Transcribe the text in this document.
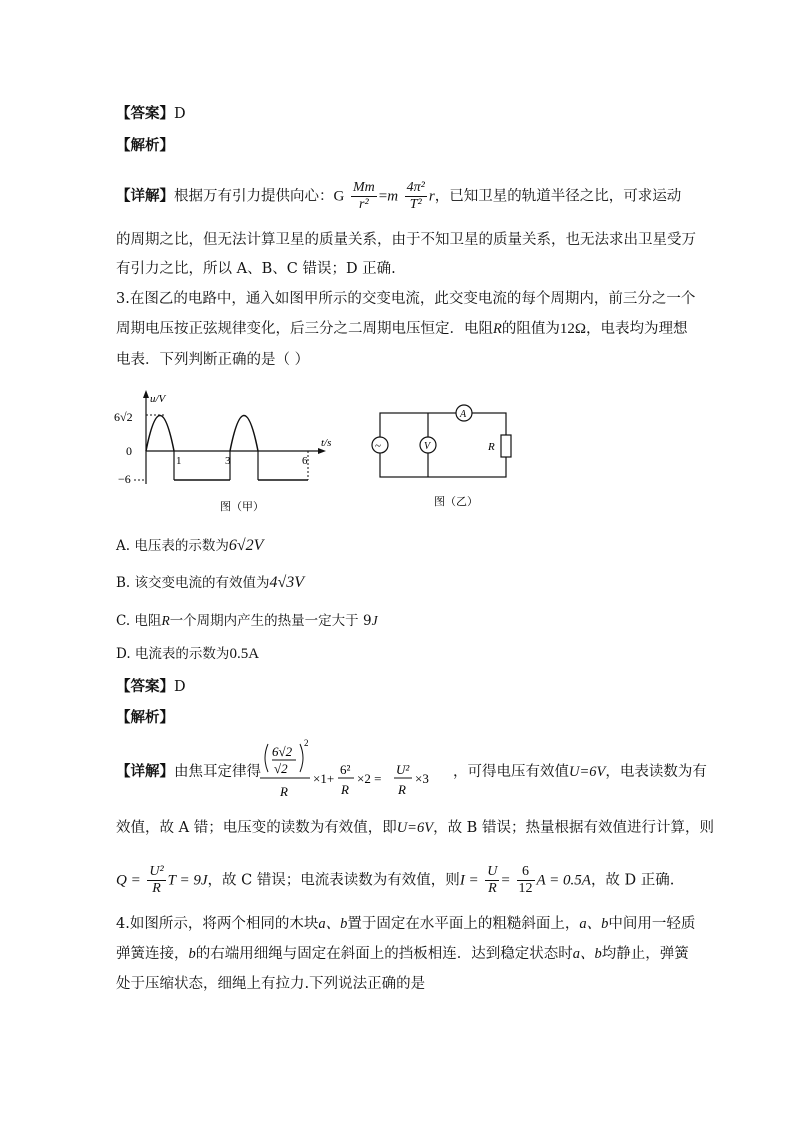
【答案】D
【解析】
【详解】根据万有引力提供向心：G $\frac{Mm}{\text{r²}} =m \frac{\text{4π²}}{\text{T²}}$ r，已知卫星的轨道半径之比，可求运动
的周期之比，但无法计算卫星的质量关系，由于不知卫星的质量关系，也无法求出卫星受万
有引力之比，所以 A、B、C 错误；D 正确.
3.在图乙的电路中，通入如图甲所示的交变电流，此交变电流的每个周期内，前三分之一个
周期电压按正弦规律变化，后三分之二周期电压恒定．电阻R的阻值为12Ω，电表均为理想
电表．下列判断正确的是（ ）
u/V
t/s
6√2
0
−6
1	3	6
图（甲）
~	V
A
R
图（乙）
A. 电压表的示数为6√2V
B. 该交变电流的有效值为4√3V
C. 电阻R一个周期内产生的热量一定大于 9J
D. 电流表的示数为0.5A
【答案】D
【解析】
【详解】由焦耳定律得
6√2
√2
2
R
×1+
6²
R
×2 =
U²
R
×3 ，可得电压有效值U=6V，电表读数为有
效值，故 A 错；电压变的读数为有效值，即U=6V，故 B 错误；热量根据有效值进行计算，则
$Q = \frac{\text{U²}}{R}$ T = 9J，故 C 错误；电流表读数为有效值，则$I = \frac{U}{R} = \frac{6}{12}$ A = 0.5A，故 D 正确.
4.如图所示，将两个相同的木块a、b置于固定在水平面上的粗糙斜面上，a、b中间用一轻质
弹簧连接，b的右端用细绳与固定在斜面上的挡板相连．达到稳定状态时a、b均静止，弹簧
处于压缩状态，细绳上有拉力.下列说法正确的是
